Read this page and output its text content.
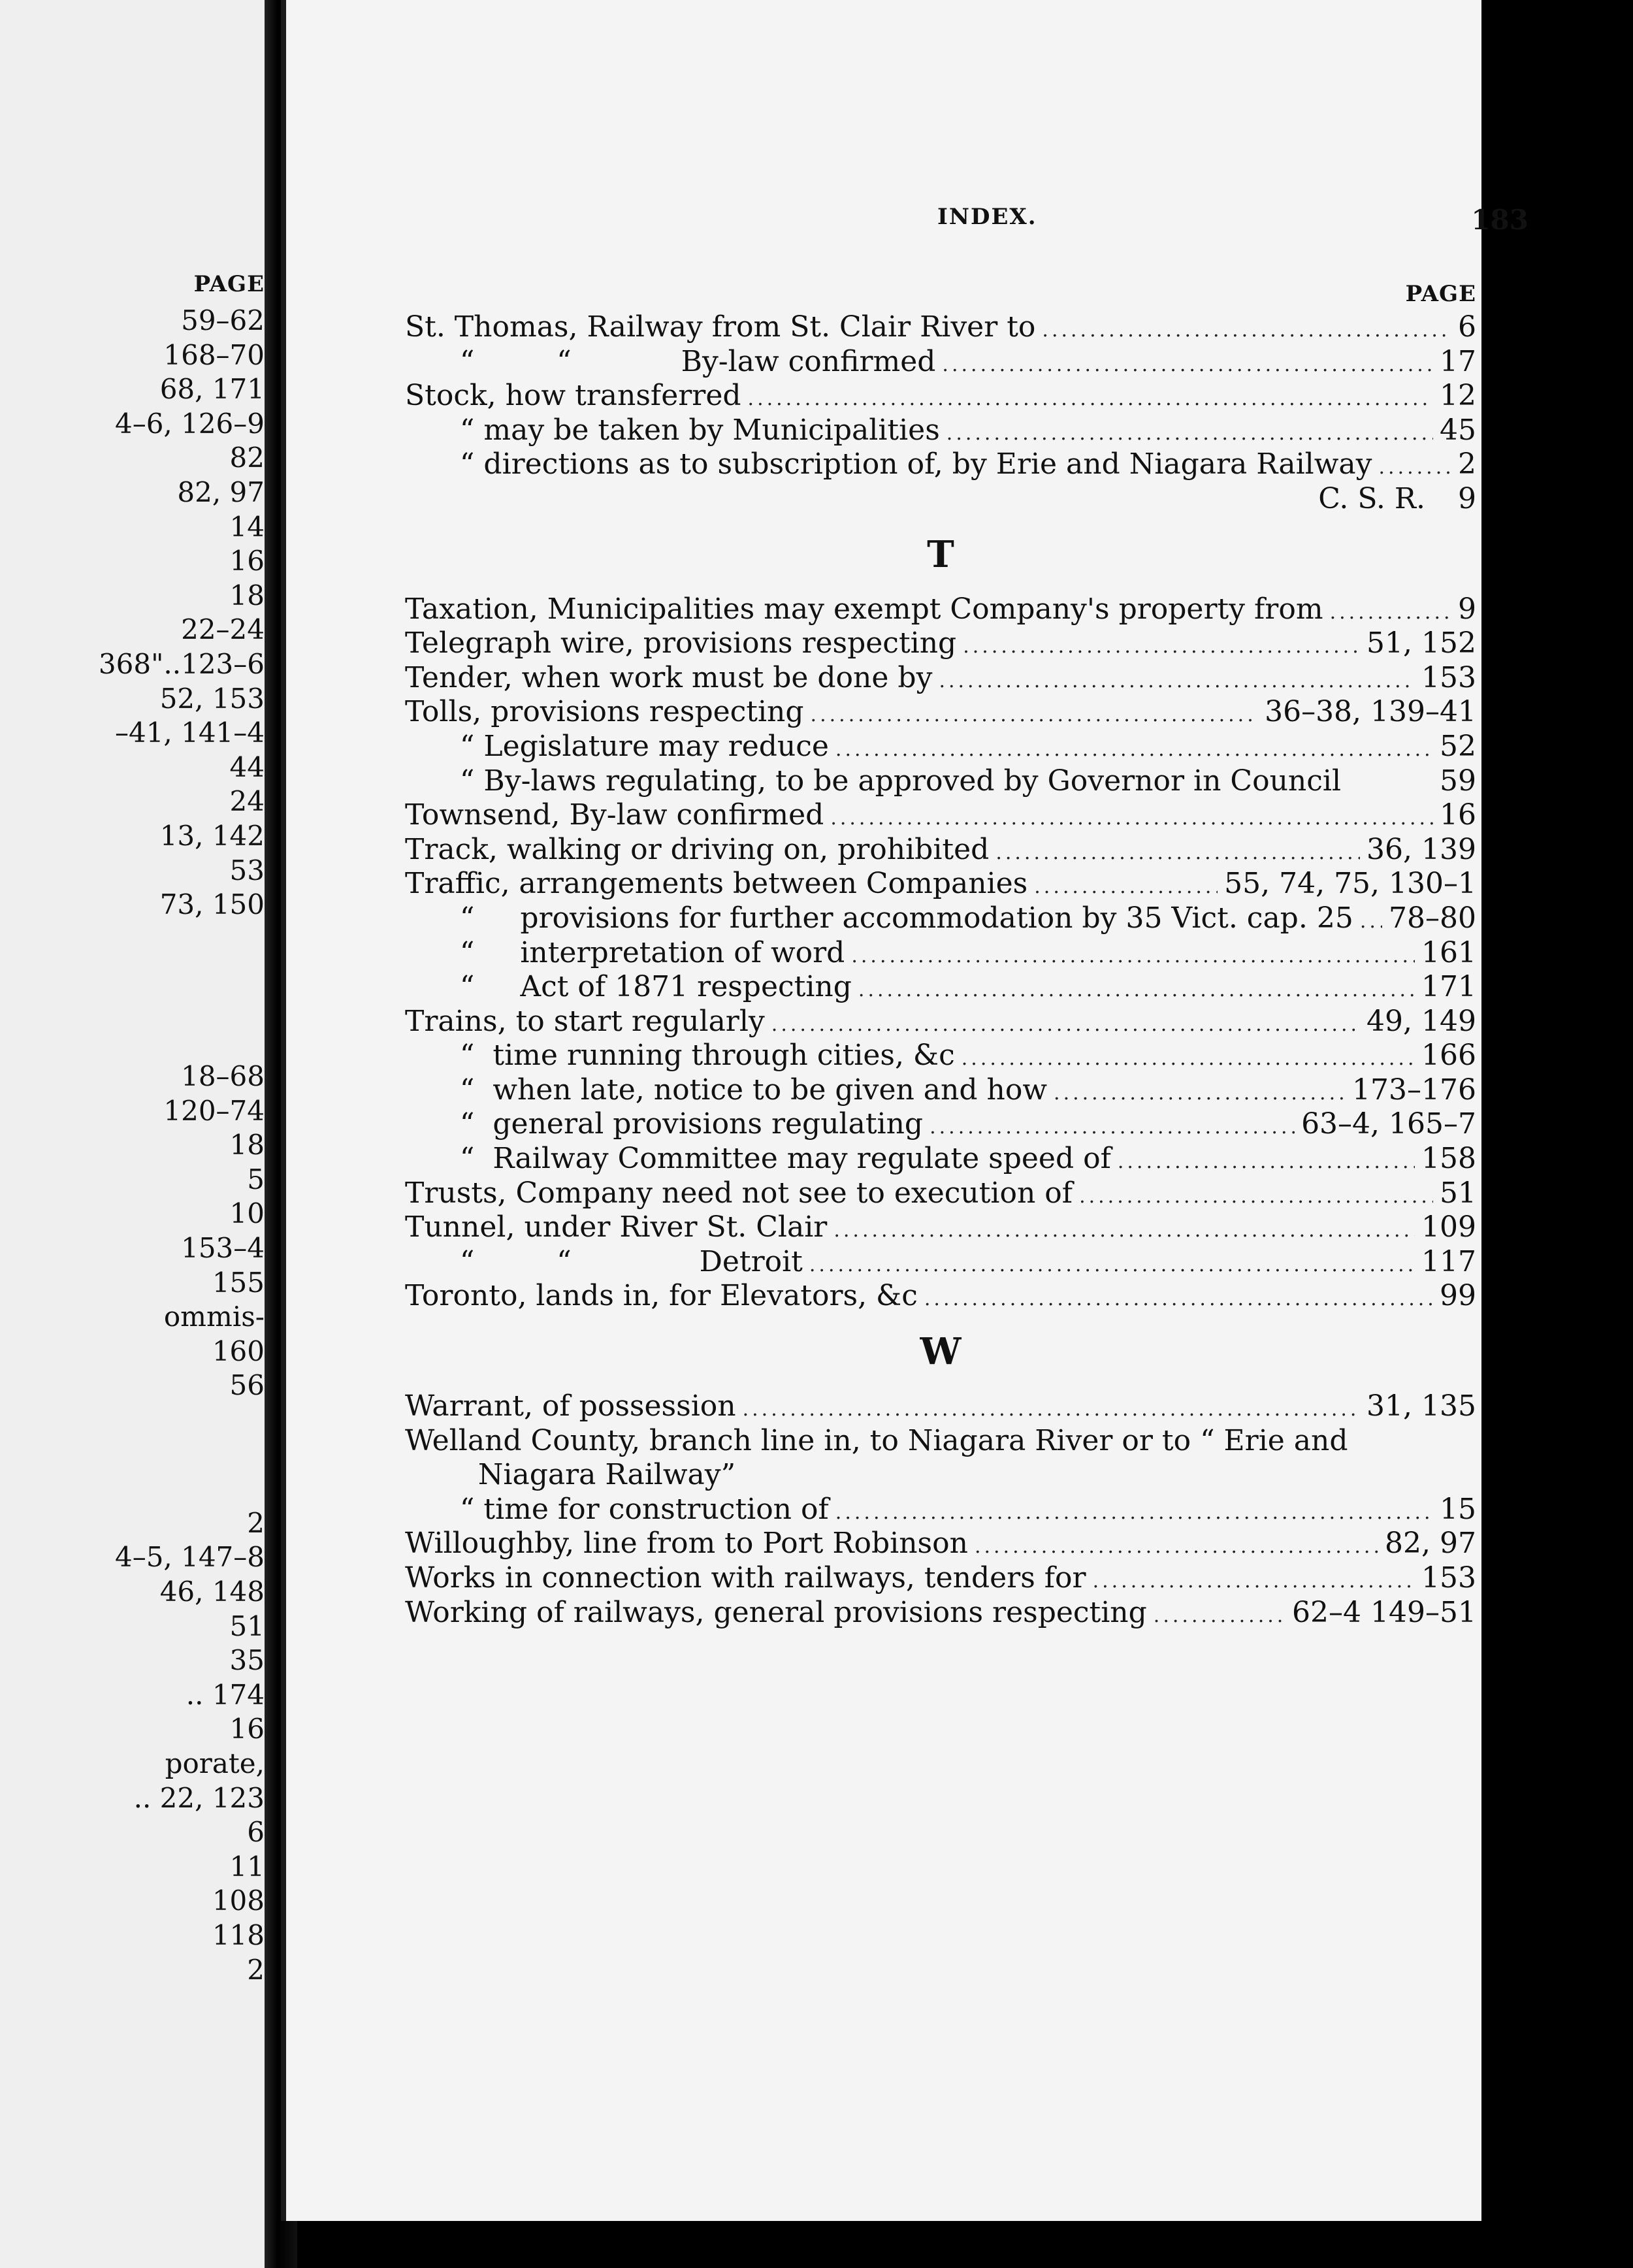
PAGE
59–62
168–70
68, 171
4–6, 126–9
82
82, 97
14
16
18
22–24
368"..123–6
52, 153
–41, 141–4
44
24
13, 142
53
73, 150
18–68
120–74
18
5
10
153–4
155
ommis-
160
56
2
4–5, 147–8
46, 148
51
35
.. 174
16
porate,
.. 22, 123
6
11
108
118
2
INDEX.	183
PAGE
St. Thomas, Railway from St. Clair River to .....	6
“         “            By-law confirmed .....	17
Stock, how transferred .....	12
“ may be taken by Municipalities .....	45
“ directions as to subscription of, by Erie and Niagara Railway .....	2
C. S. R. 9
T
Taxation, Municipalities may exempt Company's property from .....	9
Telegraph wire, provisions respecting .....	51, 152
Tender, when work must be done by .....	153
Tolls, provisions respecting .....	36–38, 139–41
“ Legislature may reduce .....	52
“ By-laws regulating, to be approved by Governor in Council	59
Townsend, By-law confirmed .....	16
Track, walking or driving on, prohibited .....	36, 139
Traffic, arrangements between Companies .....	55, 74, 75, 130–1
“     provisions for further accommodation by 35 Vict. cap. 25 ..... 78–80
“     interpretation of word .....	161
“     Act of 1871 respecting .....	171
Trains, to start regularly .....	49, 149
“  time running through cities, &c .....	166
“  when late, notice to be given and how .....	173–176
“  general provisions regulating .....	63–4, 165–7
“  Railway Committee may regulate speed of .....	158
Trusts, Company need not see to execution of .....	51
Tunnel, under River St. Clair .....	109
“         “              Detroit .....	117
Toronto, lands in, for Elevators, &c .....	99
W
Warrant, of possession .....	31, 135
Welland County, branch line in, to Niagara River or to “ Erie and
Niagara Railway”
“ time for construction of .....	15
Willoughby, line from to Port Robinson .....	82, 97
Works in connection with railways, tenders for .....	153
Working of railways, general provisions respecting .....	62–4 149–51
